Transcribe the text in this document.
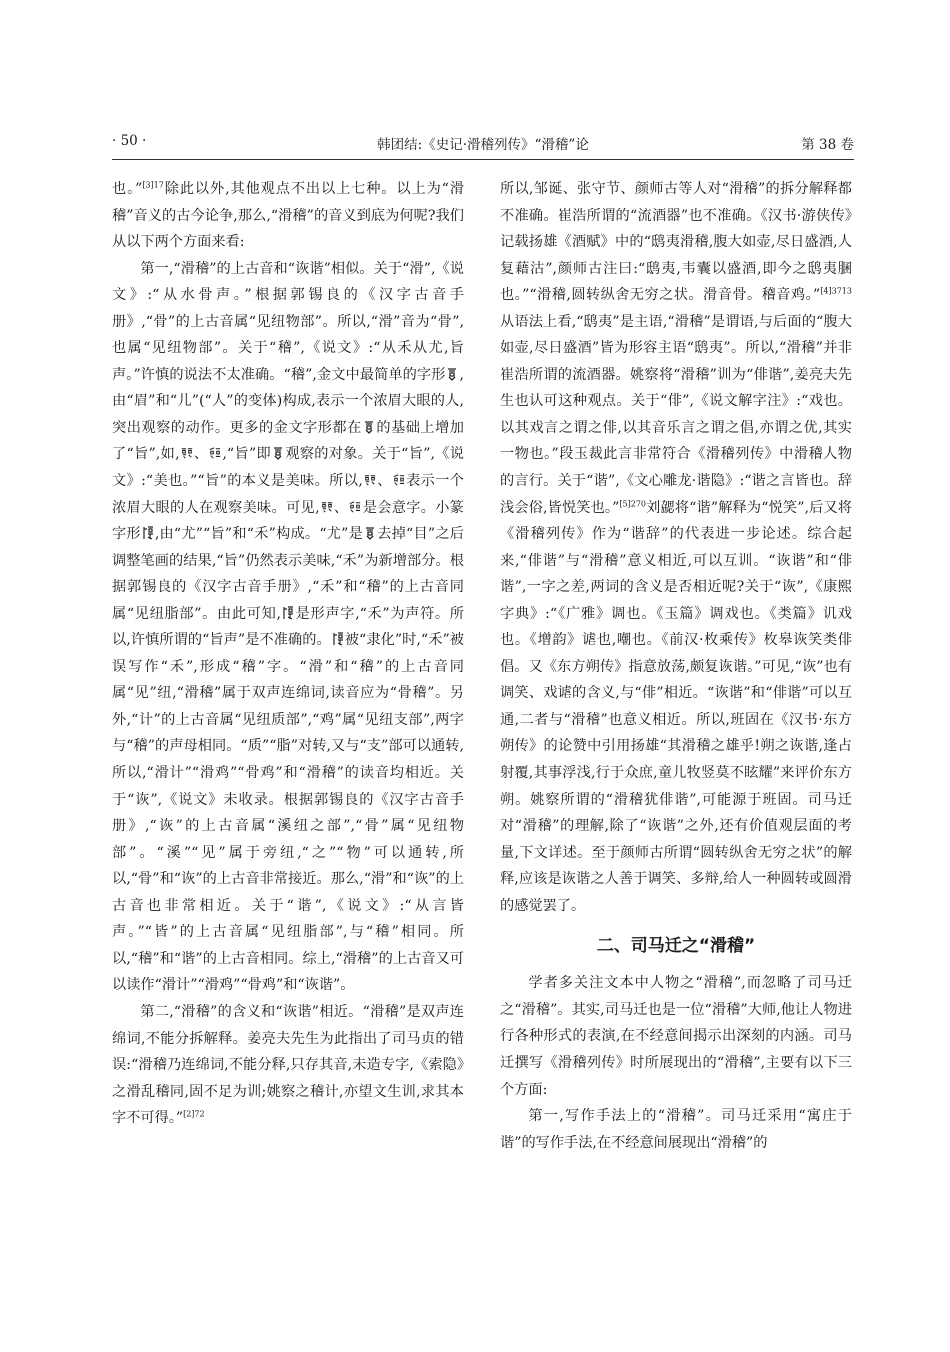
· 50 ·	韩团结:《史记·滑稽列传》“滑稽”论	第 38 卷

也。”$^{[3]17}$除此以外,其他观点不出以上七种。以上为“滑稽”音义的古今论争,那么,“滑稽”的音义到底为何呢?我们从以下两个方面来看:

第一,“滑稽”的上古音和“诙谐”相似。关于“滑”,《说文》:“从水骨声。”根据郭锡良的《汉字古音手册》,“骨”的上古音属“见纽物部”。所以,“滑”音为“骨”,也属“见纽物部”。关于“稽”,《说文》:“从禾从尤,旨声。”许慎的说法不太准确。“稽”,金文中最简单的字形 ,由“眉”和“儿”(“人”的变体)构成,表示一个浓眉大眼的人,突出观察的动作。更多的金文字形都在 的基础上增加了“旨”,如, 、 ,“旨”即 观察的对象。关于“旨”,《说文》:“美也。”“旨”的本义是美味。所以, 、 表示一个浓眉大眼的人在观察美味。可见, 、 是会意字。小篆字形 ,由“尤”“旨”和“禾”构成。“尤”是 去掉“目”之后调整笔画的结果,“旨”仍然表示美味,“禾”为新增部分。根据郭锡良的《汉字古音手册》,“禾”和“稽”的上古音同属“见纽脂部”。由此可知, 是形声字,“禾”为声符。所以,许慎所谓的“旨声”是不准确的。 被“隶化”时,“禾”被误写作“禾”,形成“稽”字。“滑”和“稽”的上古音同属“见”纽,“滑稽”属于双声连绵词,读音应为“骨稽”。另外,“计”的上古音属“见纽质部”,“鸡”属“见纽支部”,两字与“稽”的声母相同。“质”“脂”对转,又与“支”部可以通转,所以,“滑计”“滑鸡”“骨鸡”和“滑稽”的读音均相近。关于“诙”,《说文》未收录。根据郭锡良的《汉字古音手册》,“诙”的上古音属“溪纽之部”,“骨”属“见纽物部”。“溪”“见”属于旁纽,“之”“物”可以通转,所以,“骨”和“诙”的上古音非常接近。那么,“滑”和“诙”的上古音也非常相近。关于“谐”,《说文》:“从言皆声。”“皆”的上古音属“见纽脂部”,与“稽”相同。所以,“稽”和“谐”的上古音相同。综上,“滑稽”的上古音又可以读作“滑计”“滑鸡”“骨鸡”和“诙谐”。

第二,“滑稽”的含义和“诙谐”相近。“滑稽”是双声连绵词,不能分拆解释。姜亮夫先生为此指出了司马贞的错误:“滑稽乃连绵词,不能分释,只存其音,未造专字,《索隐》之滑乱稽同,固不足为训;姚察之稽计,亦望文生训,求其本字不可得。”$^{[2]72}$

所以,邹诞、张守节、颜师古等人对“滑稽”的拆分解释都不准确。崔浩所谓的“流酒器”也不准确。《汉书·游侠传》记载扬雄《酒赋》中的“鸱夷滑稽,腹大如壶,尽日盛酒,人复藉沽”,颜师古注曰:“鸱夷,韦囊以盛酒,即今之鸱夷䐃也。”“滑稽,圆转纵舍无穷之状。滑音骨。稽音鸡。”$^{[4]3713}$从语法上看,“鸱夷”是主语,“滑稽”是谓语,与后面的“腹大如壶,尽日盛酒”皆为形容主语“鸱夷”。所以,“滑稽”并非崔浩所谓的流酒器。姚察将“滑稽”训为“俳谐”,姜亮夫先生也认可这种观点。关于“俳”,《说文解字注》:“戏也。以其戏言之谓之俳,以其音乐言之谓之倡,亦谓之优,其实一物也。”段玉裁此言非常符合《滑稽列传》中滑稽人物的言行。关于“谐”,《文心雕龙·谐隐》:“谐之言皆也。辞浅会俗,皆悦笑也。”$^{[5]270}$刘勰将“谐”解释为“悦笑”,后又将《滑稽列传》作为“谐辞”的代表进一步论述。综合起来,“俳谐”与“滑稽”意义相近,可以互训。“诙谐”和“俳谐”,一字之差,两词的含义是否相近呢?关于“诙”,《康熙字典》:“《广雅》调也。《玉篇》调戏也。《类篇》讥戏也。《增韵》谑也,嘲也。《前汉·枚乘传》枚皋诙笑类俳倡。又《东方朔传》指意放荡,颇复诙谐。”可见,“诙”也有调笑、戏谑的含义,与“俳”相近。“诙谐”和“俳谐”可以互通,二者与“滑稽”也意义相近。所以,班固在《汉书·东方朔传》的论赞中引用扬雄“其滑稽之雄乎!朔之诙谐,逢占射覆,其事浮浅,行于众庶,童儿牧竖莫不眩耀”来评价东方朔。姚察所谓的“滑稽犹俳谐”,可能源于班固。司马迁对“滑稽”的理解,除了“诙谐”之外,还有价值观层面的考量,下文详述。至于颜师古所谓“圆转纵舍无穷之状”的解释,应该是诙谐之人善于调笑、多辩,给人一种圆转或圆滑的感觉罢了。

二、司马迁之“滑稽”

学者多关注文本中人物之“滑稽”,而忽略了司马迁之“滑稽”。其实,司马迁也是一位“滑稽”大师,他让人物进行各种形式的表演,在不经意间揭示出深刻的内涵。司马迁撰写《滑稽列传》时所展现出的“滑稽”,主要有以下三个方面:

第一,写作手法上的“滑稽”。司马迁采用“寓庄于谐”的写作手法,在不经意间展现出“滑稽”的
